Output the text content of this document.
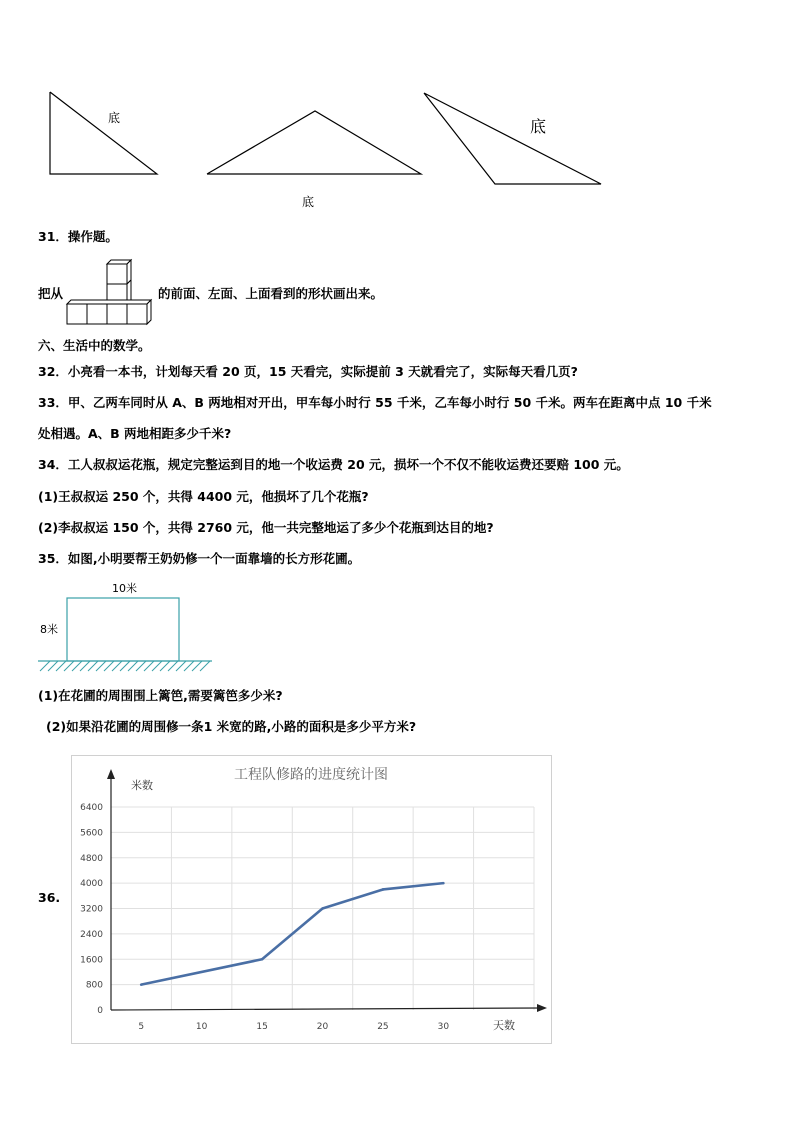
底
底
底
31．操作题。
把从	的前面、左面、上面看到的形状画出来。
六、生活中的数学。
32．小亮看一本书，计划每天看 20 页，15 天看完，实际提前 3 天就看完了，实际每天看几页?
33．甲、乙两车同时从 A、B 两地相对开出，甲车每小时行 55 千米，乙车每小时行 50 千米。两车在距离中点 10 千米
处相遇。A、B 两地相距多少千米?
34．工人叔叔运花瓶，规定完整运到目的地一个收运费 20 元，损坏一个不仅不能收运费还要赔 100 元。
(1)王叔叔运 250 个，共得 4400 元，他损坏了几个花瓶?
(2)李叔叔运 150 个，共得 2760 元，他一共完整地运了多少个花瓶到达目的地?
35．如图,小明要帮王奶奶修一个一面靠墙的长方形花圃。
10米
8米
(1)在花圃的周围围上篱笆,需要篱笆多少米?
(2)如果沿花圃的周围修一条1 米宽的路,小路的面积是多少平方米?
36.
工程队修路的进度统计图
米数
天数
0
800
1600
2400
3200
4000
4800
5600
6400
5	10	15	20	25	30
